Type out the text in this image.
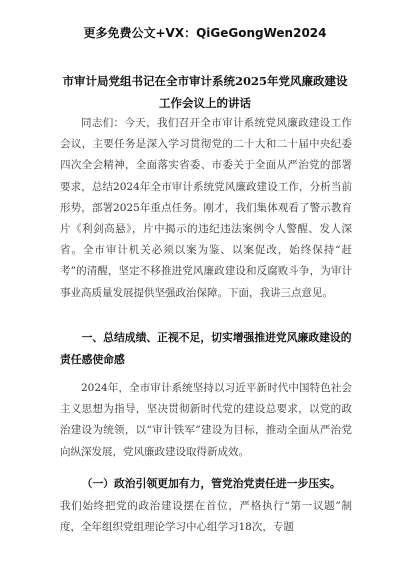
更多免费公文+VX：QiGeGongWen2024
市审计局党组书记在全市审计系统2025年党风廉政建设工作会议上的讲话

同志们：今天，我们召开全市审计系统党风廉政建设工作会议，主要任务是深入学习贯彻党的二十大和二十届中央纪委四次全会精神，全面落实省委、市委关于全面从严治党的部署要求，总结2024年全市审计系统党风廉政建设工作，分析当前形势，部署2025年重点任务。刚才，我们集体观看了警示教育片《利剑高悬》，片中揭示的违纪违法案例令人警醒、发人深省。全市审计机关必须以案为鉴、以案促改，始终保持“赶考”的清醒，坚定不移推进党风廉政建设和反腐败斗争，为审计事业高质量发展提供坚强政治保障。下面，我讲三点意见。

一、总结成绩、正视不足，切实增强推进党风廉政建设的责任感使命感

2024年，全市审计系统坚持以习近平新时代中国特色社会主义思想为指导，坚决贯彻新时代党的建设总要求，以党的政治建设为统领，以“审计铁军”建设为目标，推动全面从严治党向纵深发展，党风廉政建设取得新成效。

（一）政治引领更加有力，管党治党责任进一步压实。

我们始终把党的政治建设摆在首位，严格执行“第一议题”制度，全年组织党组理论学习中心组学习18次，专题
